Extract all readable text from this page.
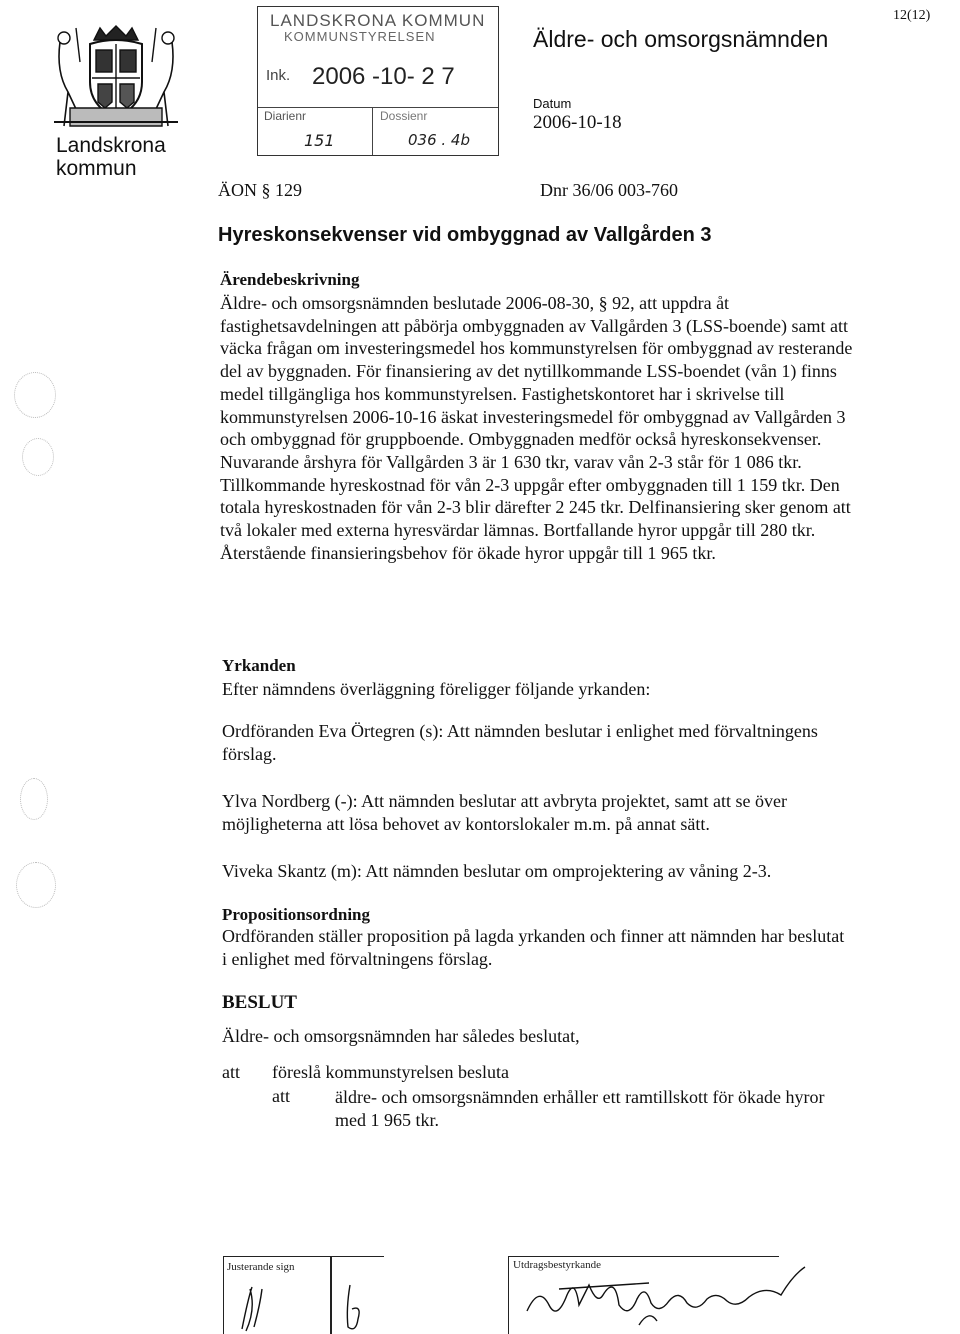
Landskrona kommun
LANDSKRONA KOMMUN
KOMMUNSTYRELSEN
Ink. 2006 -10- 2 7
Diarienr	Dossienr
151	036 . 4b
Äldre- och omsorgsnämnden
12(12)
Datum
2006-10-18
ÄON § 129	Dnr 36/06 003-760
Hyreskonsekvenser vid ombyggnad av Vallgården 3
Ärendebeskrivning
Äldre- och omsorgsnämnden beslutade 2006-08-30, § 92, att uppdra åt fastighetsavdelningen att påbörja ombyggnaden av Vallgården 3 (LSS-boende) samt att väcka frågan om investeringsmedel hos kommunstyrelsen för ombyggnad av resterande del av byggnaden. För finansiering av det nytillkommande LSS-boendet (vån 1) finns medel tillgängliga hos kommunstyrelsen. Fastighetskontoret har i skrivelse till kommunstyrelsen 2006-10-16 äskat investeringsmedel för ombyggnad av Vallgården 3 och ombyggnad för gruppboende. Ombyggnaden medför också hyreskonsekvenser. Nuvarande årshyra för Vallgården 3 är 1 630 tkr, varav vån 2-3 står för 1 086 tkr. Tillkommande hyreskostnad för vån 2-3 uppgår efter ombyggnaden till 1 159 tkr. Den totala hyreskostnaden för vån 2-3 blir därefter 2 245 tkr. Delfinansiering sker genom att två lokaler med externa hyresvärdar lämnas. Bortfallande hyror uppgår till 280 tkr. Återstående finansieringsbehov för ökade hyror uppgår till 1 965 tkr.
Yrkanden
Efter nämndens överläggning föreligger följande yrkanden:
Ordföranden Eva Örtegren (s): Att nämnden beslutar i enlighet med förvaltningens förslag.
Ylva Nordberg (-): Att nämnden beslutar att avbryta projektet, samt att se över möjligheterna att lösa behovet av kontorslokaler m.m. på annat sätt.
Viveka Skantz (m): Att nämnden beslutar om omprojektering av våning 2-3.
Propositionsordning
Ordföranden ställer proposition på lagda yrkanden och finner att nämnden har beslutat i enlighet med förvaltningens förslag.
BESLUT
Äldre- och omsorgsnämnden har således beslutat,
att föreslå kommunstyrelsen besluta
att	äldre- och omsorgsnämnden erhåller ett ramtillskott för ökade hyror med 1 965 tkr.
Justerande sign	Utdragsbestyrkande
